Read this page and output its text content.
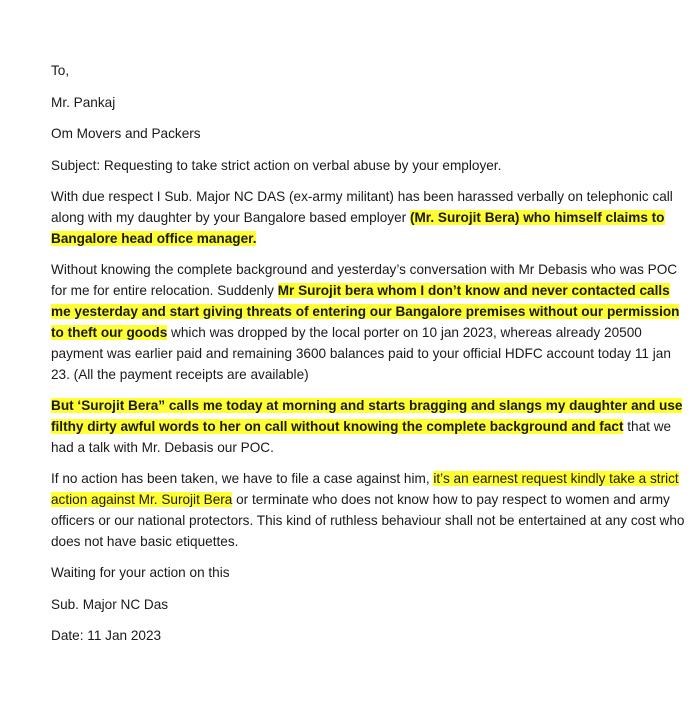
To,

Mr. Pankaj

Om Movers and Packers

Subject: Requesting to take strict action on verbal abuse by your employer.

With due respect I Sub. Major NC DAS (ex-army militant) has been harassed verbally on telephonic call along with my daughter by your Bangalore based employer (Mr. Surojit Bera) who himself claims to Bangalore head office manager.

Without knowing the complete background and yesterday’s conversation with Mr Debasis who was POC for me for entire relocation. Suddenly Mr Surojit bera whom I don’t know and never contacted calls me yesterday and start giving threats of entering our Bangalore premises without our permission to theft our goods which was dropped by the local porter on 10 jan 2023, whereas already 20500 payment was earlier paid and remaining 3600 balances paid to your official HDFC account today 11 jan 23. (All the payment receipts are available)

But ‘Surojit Bera” calls me today at morning and starts bragging and slangs my daughter and use filthy dirty awful words to her on call without knowing the complete background and fact that we had a talk with Mr. Debasis our POC.

If no action has been taken, we have to file a case against him, it’s an earnest request kindly take a strict action against Mr. Surojit Bera or terminate who does not know how to pay respect to women and army officers or our national protectors. This kind of ruthless behaviour shall not be entertained at any cost who does not have basic etiquettes.

Waiting for your action on this

Sub. Major NC Das

Date: 11 Jan 2023
